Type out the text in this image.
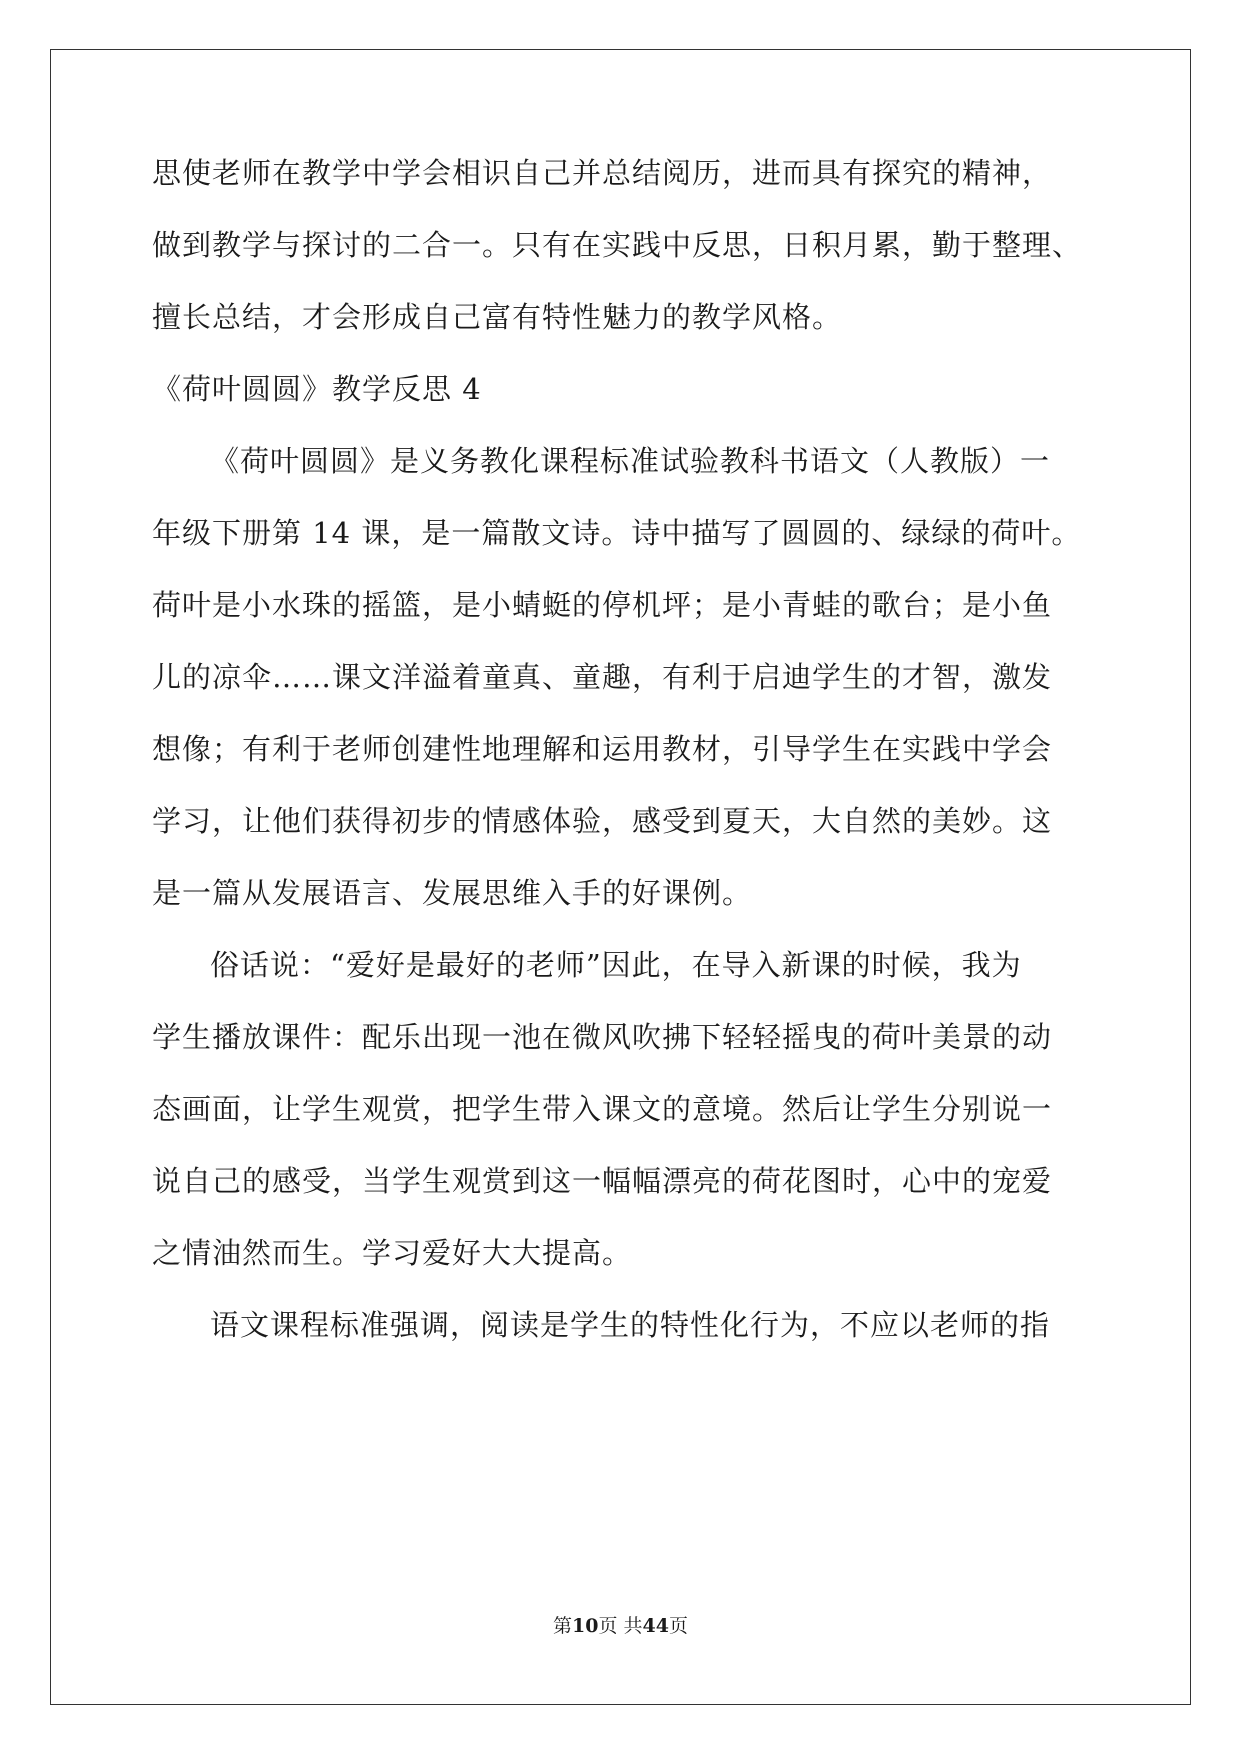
思使老师在教学中学会相识自己并总结阅历，进而具有探究的精神，
做到教学与探讨的二合一。只有在实践中反思，日积月累，勤于整理、
擅长总结，才会形成自己富有特性魅力的教学风格。
《荷叶圆圆》教学反思 4
《荷叶圆圆》是义务教化课程标准试验教科书语文（人教版）一
年级下册第 14 课，是一篇散文诗。诗中描写了圆圆的、绿绿的荷叶。
荷叶是小水珠的摇篮，是小蜻蜓的停机坪；是小青蛙的歌台；是小鱼
儿的凉伞……课文洋溢着童真、童趣，有利于启迪学生的才智，激发
想像；有利于老师创建性地理解和运用教材，引导学生在实践中学会
学习，让他们获得初步的情感体验，感受到夏天，大自然的美妙。这
是一篇从发展语言、发展思维入手的好课例。
俗话说：“爱好是最好的老师”因此，在导入新课的时候，我为
学生播放课件：配乐出现一池在微风吹拂下轻轻摇曳的荷叶美景的动
态画面，让学生观赏，把学生带入课文的意境。然后让学生分别说一
说自己的感受，当学生观赏到这一幅幅漂亮的荷花图时，心中的宠爱
之情油然而生。学习爱好大大提高。
语文课程标准强调，阅读是学生的特性化行为，不应以老师的指
第10页 共44页
